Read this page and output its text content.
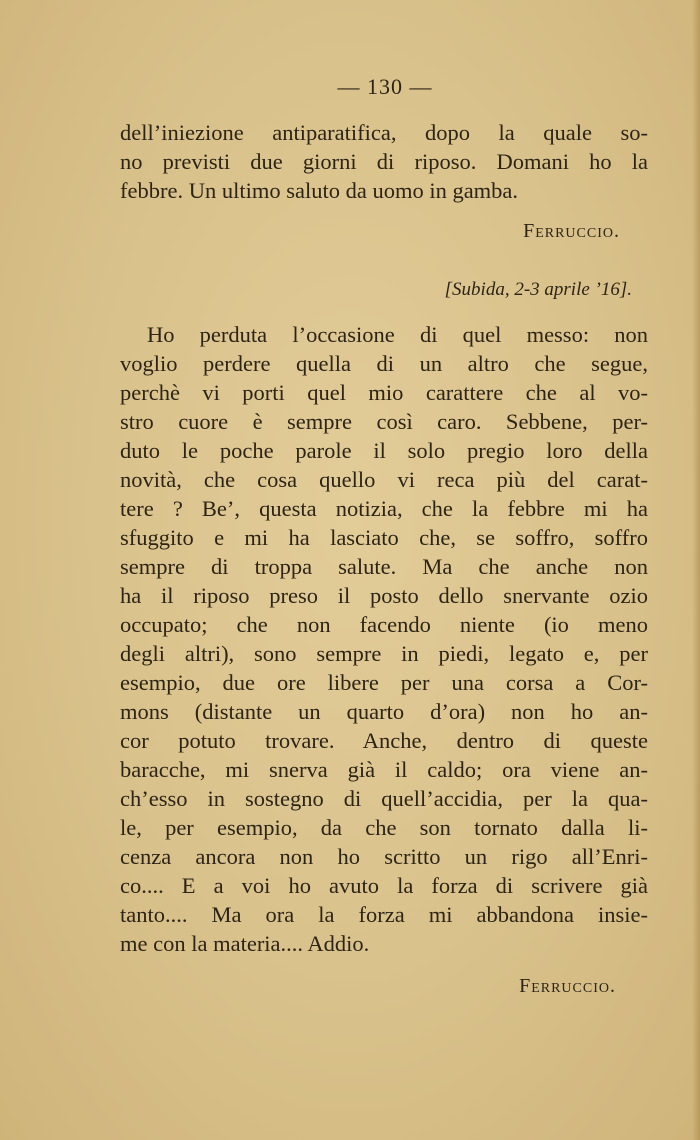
— 130 —

dell’iniezione antiparatifica, dopo la quale so-

no previsti due giorni di riposo. Domani ho la

febbre. Un ultimo saluto da uomo in gamba.

Ferruccio.
[Subida, 2-3 aprile ’16].

Ho perduta l’occasione di quel messo: non

voglio perdere quella di un altro che segue,

perchè vi porti quel mio carattere che al vo-

stro cuore è sempre così caro. Sebbene, per-

duto le poche parole il solo pregio loro della

novità, che cosa quello vi reca più del carat-

tere ? Be’, questa notizia, che la febbre mi ha

sfuggito e mi ha lasciato che, se soffro, soffro

sempre di troppa salute. Ma che anche non

ha il riposo preso il posto dello snervante ozio

occupato; che non facendo niente (io meno

degli altri), sono sempre in piedi, legato e, per

esempio, due ore libere per una corsa a Cor-

mons (distante un quarto d’ora) non ho an-

cor potuto trovare. Anche, dentro di queste

baracche, mi snerva già il caldo; ora viene an-

ch’esso in sostegno di quell’accidia, per la qua-

le, per esempio, da che son tornato dalla li-

cenza ancora non ho scritto un rigo all’Enri-

co.... E a voi ho avuto la forza di scrivere già

tanto.... Ma ora la forza mi abbandona insie-

me con la materia.... Addio.

Ferruccio.
